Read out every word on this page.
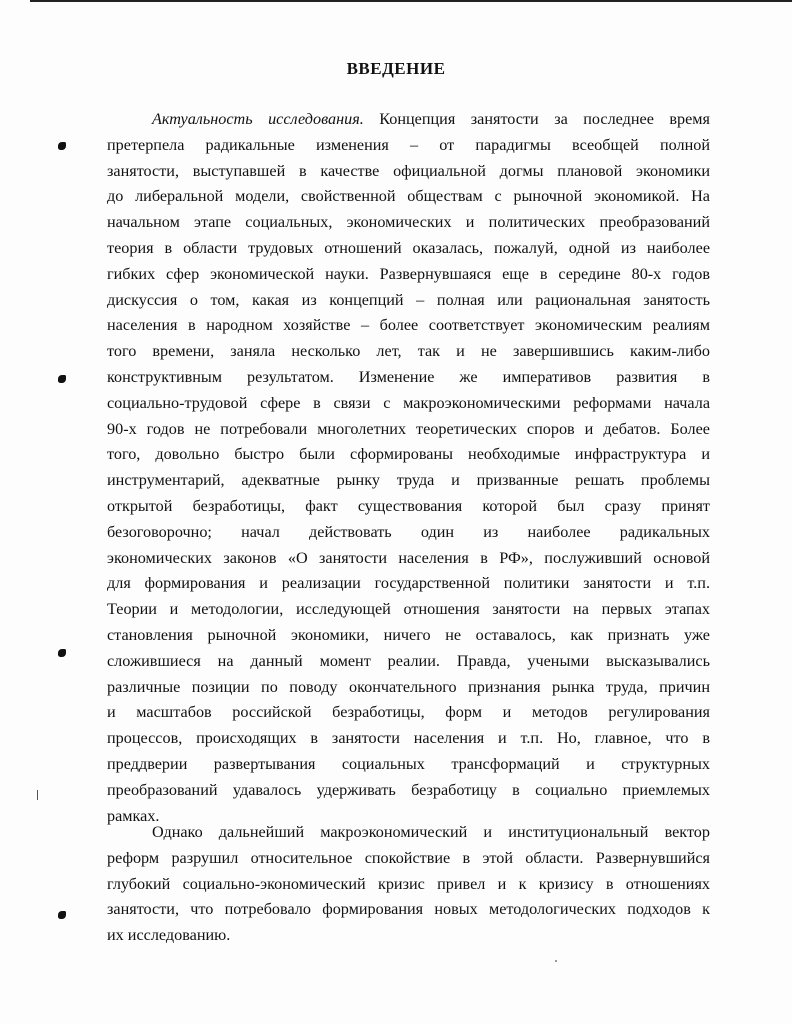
ВВЕДЕНИЕ
Актуальность исследования. Концепция занятости за последнее время
претерпела радикальные изменения – от парадигмы всеобщей полной
занятости, выступавшей в качестве официальной догмы плановой экономики
до либеральной модели, свойственной обществам с рыночной экономикой. На
начальном этапе социальных, экономических и политических преобразований
теория в области трудовых отношений оказалась, пожалуй, одной из наиболее
гибких сфер экономической науки. Развернувшаяся еще в середине 80-х годов
дискуссия о том, какая из концепций – полная или рациональная занятость
населения в народном хозяйстве – более соответствует экономическим реалиям
того времени, заняла несколько лет, так и не завершившись каким-либо
конструктивным результатом. Изменение же императивов развития в
социально-трудовой сфере в связи с макроэкономическими реформами начала
90-х годов не потребовали многолетних теоретических споров и дебатов. Более
того, довольно быстро были сформированы необходимые инфраструктура и
инструментарий, адекватные рынку труда и призванные решать проблемы
открытой безработицы, факт существования которой был сразу принят
безоговорочно; начал действовать один из наиболее радикальных
экономических законов «О занятости населения в РФ», послуживший основой
для формирования и реализации государственной политики занятости и т.п.
Теории и методологии, исследующей отношения занятости на первых этапах
становления рыночной экономики, ничего не оставалось, как признать уже
сложившиеся на данный момент реалии. Правда, учеными высказывались
различные позиции по поводу окончательного признания рынка труда, причин
и масштабов российской безработицы, форм и методов регулирования
процессов, происходящих в занятости населения и т.п. Но, главное, что в
преддверии развертывания социальных трансформаций и структурных
преобразований удавалось удерживать безработицу в социально приемлемых
рамках.
Однако дальнейший макроэкономический и институциональный вектор
реформ разрушил относительное спокойствие в этой области. Развернувшийся
глубокий социально-экономический кризис привел и к кризису в отношениях
занятости, что потребовало формирования новых методологических подходов к
их исследованию.
